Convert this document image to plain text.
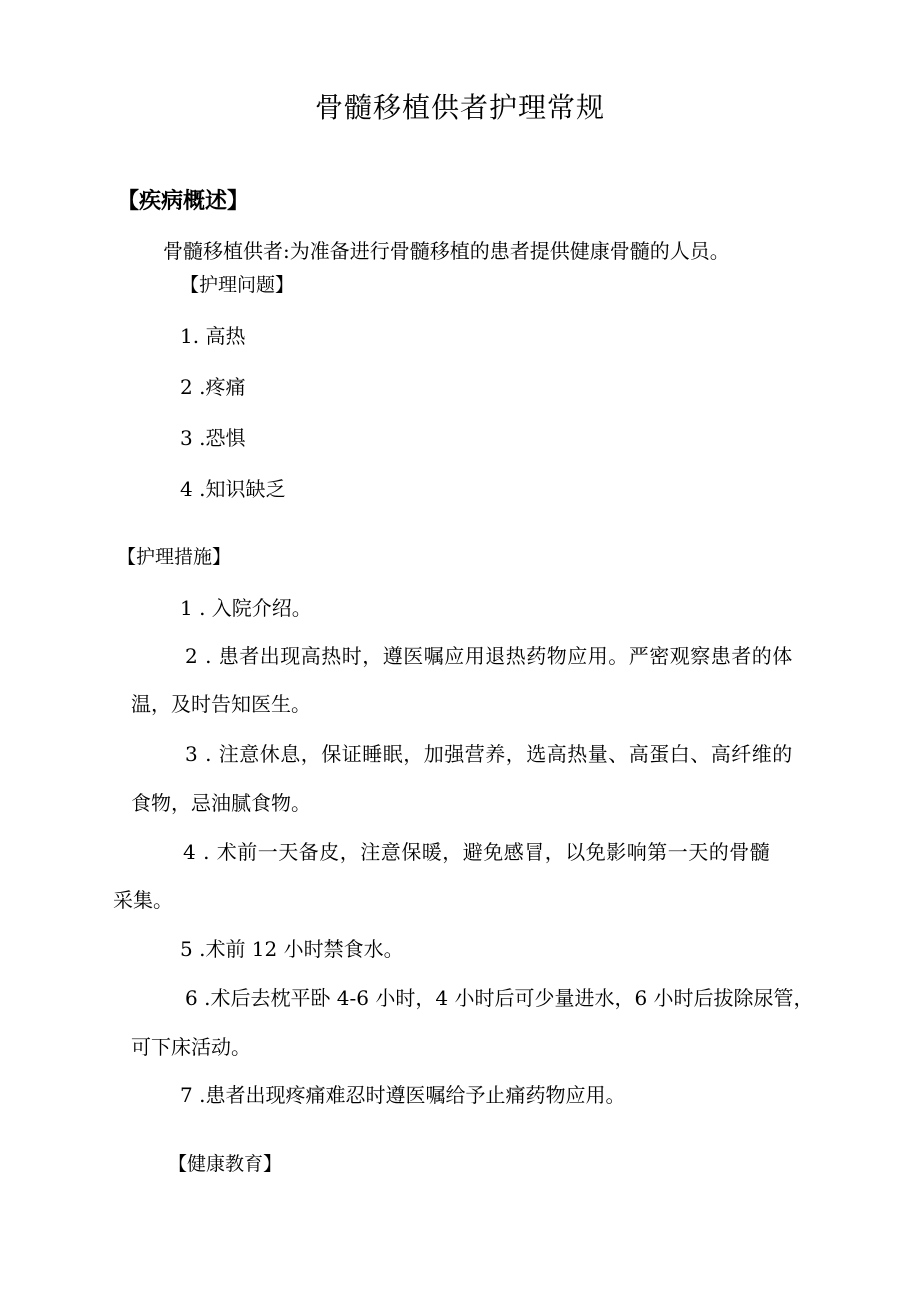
骨髓移植供者护理常规
【疾病概述】
骨髓移植供者:为准备进行骨髓移植的患者提供健康骨髓的人员。
【护理问题】
1. 高热
2 .疼痛
3 .恐惧
4 .知识缺乏
【护理措施】
1 . 入院介绍。
2 . 患者出现高热时，遵医嘱应用退热药物应用。严密观察患者的体
温，及时告知医生。
3 . 注意休息，保证睡眠，加强营养，选高热量、高蛋白、高纤维的
食物，忌油腻食物。
4 . 术前一天备皮，注意保暖，避免感冒，以免影响第一天的骨髓
采集。
5 .术前 12 小时禁食水。
6 .术后去枕平卧 4-6 小时，4 小时后可少量进水，6 小时后拔除尿管，
可下床活动。
7 .患者出现疼痛难忍时遵医嘱给予止痛药物应用。
【健康教育】
